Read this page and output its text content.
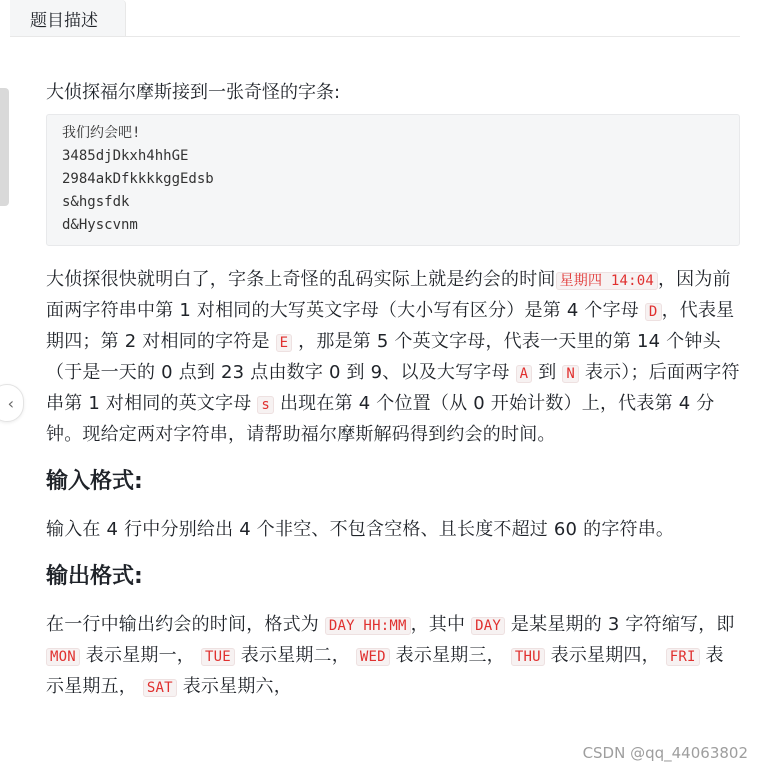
题目描述
‹

大侦探福尔摩斯接到一张奇怪的字条:

我们约会吧!
3485djDkxh4hhGE
2984akDfkkkkggEdsb
s&hgsfdk
d&Hyscvnm

大侦探很快就明白了，字条上奇怪的乱码实际上就是约会的时间 星期四 14:04 ，因为前面两字符串中第 1 对相同的大写英文字母（大小写有区分）是第 4 个字母 D ，代表星期四；第 2 对相同的字符是 E ，那是第 5 个英文字母，代表一天里的第 14 个钟头（于是一天的 0 点到 23 点由数字 0 到 9、以及大写字母 A 到 N 表示）；后面两字符串第 1 对相同的英文字母 s 出现在第 4 个位置（从 0 开始计数）上，代表第 4 分钟。现给定两对字符串，请帮助福尔摩斯解码得到约会的时间。

输入格式:

输入在 4 行中分别给出 4 个非空、不包含空格、且长度不超过 60 的字符串。

输出格式:

在一行中输出约会的时间，格式为 DAY HH:MM ，其中 DAY 是某星期的 3 字符缩写，即 MON 表示星期一， TUE 表示星期二， WED 表示星期三， THU 表示星期四， FRI 表示星期五， SAT 表示星期六，

CSDN @qq_44063802
